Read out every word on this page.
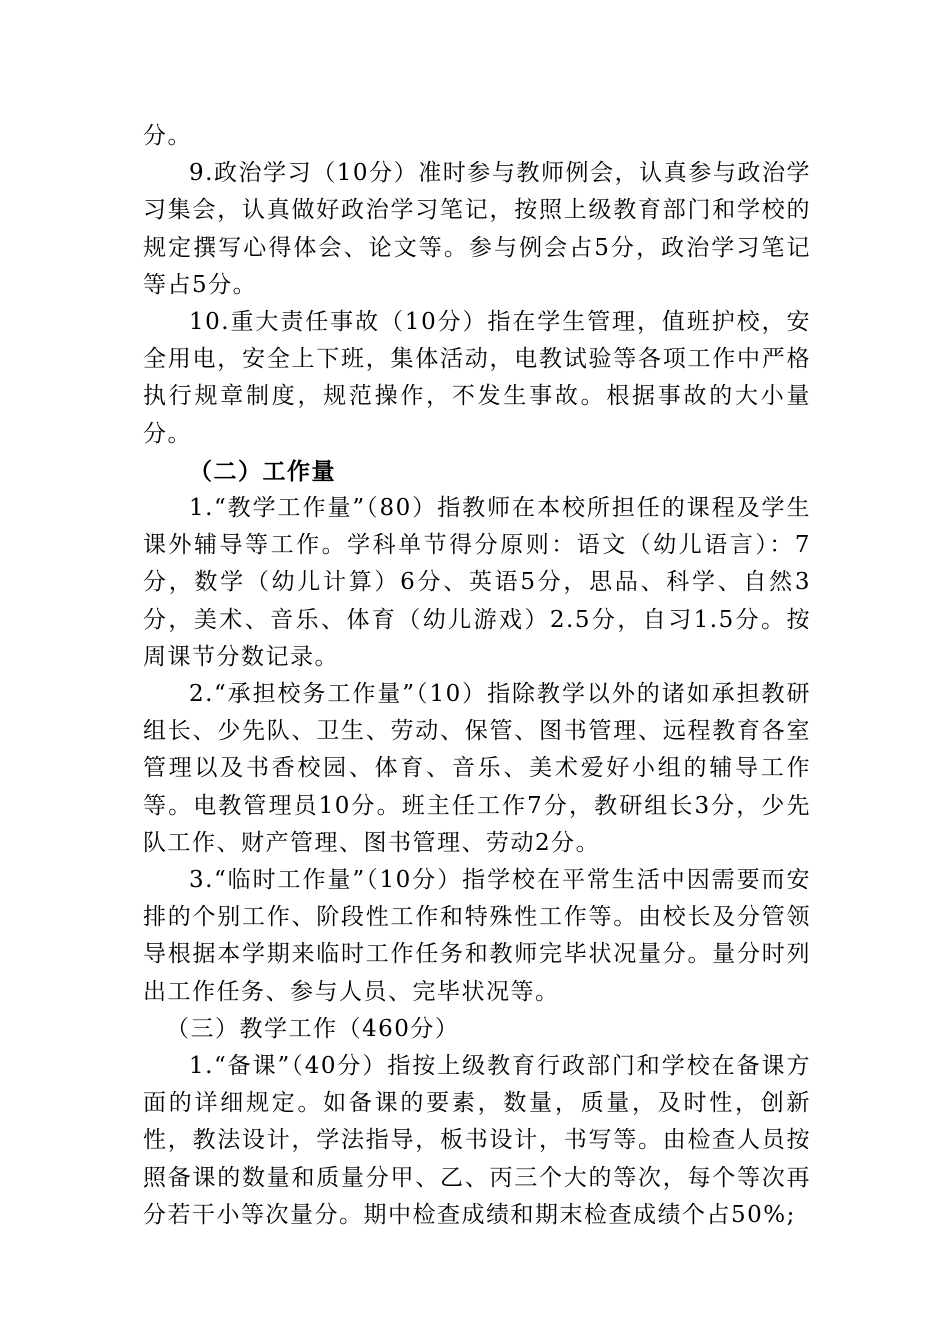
分。

9.政治学习（10分）准时参与教师例会，认真参与政治学习集会，认真做好政治学习笔记，按照上级教育部门和学校的规定撰写心得体会、论文等。参与例会占5分，政治学习笔记等占5分。

10.重大责任事故（10分）指在学生管理，值班护校，安全用电，安全上下班，集体活动，电教试验等各项工作中严格执行规章制度，规范操作，不发生事故。根据事故的大小量分。

（二）工作量

1.“教学工作量”（80）指教师在本校所担任的课程及学生课外辅导等工作。学科单节得分原则：语文（幼儿语言）：7分，数学（幼儿计算）6分、英语5分，思品、科学、自然3分，美术、音乐、体育（幼儿游戏）2.5分，自习1.5分。按周课节分数记录。

2.“承担校务工作量”（10）指除教学以外的诸如承担教研组长、少先队、卫生、劳动、保管、图书管理、远程教育各室管理以及书香校园、体育、音乐、美术爱好小组的辅导工作等。电教管理员10分。班主任工作7分，教研组长3分，少先队工作、财产管理、图书管理、劳动2分。

3.“临时工作量”（10分）指学校在平常生活中因需要而安排的个别工作、阶段性工作和特殊性工作等。由校长及分管领导根据本学期来临时工作任务和教师完毕状况量分。量分时列出工作任务、参与人员、完毕状况等。

（三）教学工作（460分）

1.“备课”（40分）指按上级教育行政部门和学校在备课方面的详细规定。如备课的要素，数量，质量，及时性，创新性，教法设计，学法指导，板书设计，书写等。由检查人员按照备课的数量和质量分甲、乙、丙三个大的等次，每个等次再分若干小等次量分。期中检查成绩和期末检查成绩个占50%;
